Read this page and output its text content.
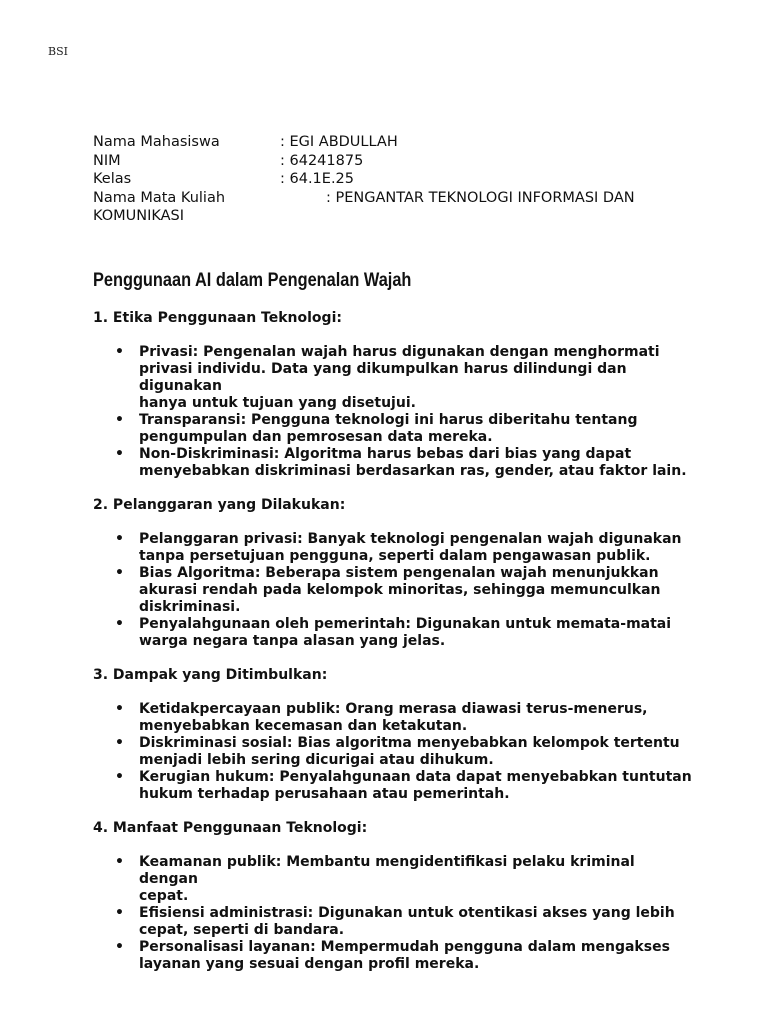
BSI
Nama Mahasiswa	: EGI ABDULLAH
NIM	: 64241875
Kelas	: 64.1E.25
Nama Mata Kuliah	: PENGANTAR TEKNOLOGI INFORMASI DAN
KOMUNIKASI
Penggunaan AI dalam Pengenalan Wajah
1. Etika Penggunaan Teknologi:
• Privasi: Pengenalan wajah harus digunakan dengan menghormati
privasi individu. Data yang dikumpulkan harus dilindungi dan digunakan
hanya untuk tujuan yang disetujui.
• Transparansi: Pengguna teknologi ini harus diberitahu tentang
pengumpulan dan pemrosesan data mereka.
• Non-Diskriminasi: Algoritma harus bebas dari bias yang dapat
menyebabkan diskriminasi berdasarkan ras, gender, atau faktor lain.
2. Pelanggaran yang Dilakukan:
• Pelanggaran privasi: Banyak teknologi pengenalan wajah digunakan
tanpa persetujuan pengguna, seperti dalam pengawasan publik.
• Bias Algoritma: Beberapa sistem pengenalan wajah menunjukkan
akurasi rendah pada kelompok minoritas, sehingga memunculkan
diskriminasi.
• Penyalahgunaan oleh pemerintah: Digunakan untuk memata-matai
warga negara tanpa alasan yang jelas.
3. Dampak yang Ditimbulkan:
• Ketidakpercayaan publik: Orang merasa diawasi terus-menerus,
menyebabkan kecemasan dan ketakutan.
• Diskriminasi sosial: Bias algoritma menyebabkan kelompok tertentu
menjadi lebih sering dicurigai atau dihukum.
• Kerugian hukum: Penyalahgunaan data dapat menyebabkan tuntutan
hukum terhadap perusahaan atau pemerintah.
4. Manfaat Penggunaan Teknologi:
• Keamanan publik: Membantu mengidentifikasi pelaku kriminal dengan
cepat.
• Efisiensi administrasi: Digunakan untuk otentikasi akses yang lebih
cepat, seperti di bandara.
• Personalisasi layanan: Mempermudah pengguna dalam mengakses
layanan yang sesuai dengan profil mereka.
